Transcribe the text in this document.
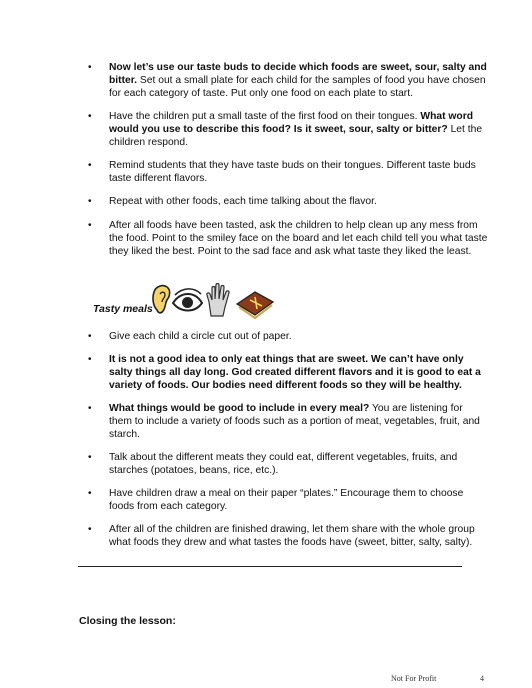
• Now let’s use our taste buds to decide which foods are sweet, sour, salty and bitter. Set out a small plate for each child for the samples of food you have chosen for each category of taste. Put only one food on each plate to start.
• Have the children put a small taste of the first food on their tongues. What word would you use to describe this food? Is it sweet, sour, salty or bitter? Let the children respond.
• Remind students that they have taste buds on their tongues. Different taste buds taste different flavors.
• Repeat with other foods, each time talking about the flavor.
• After all foods have been tasted, ask the children to help clean up any mess from the food. Point to the smiley face on the board and let each child tell you what taste they liked the best. Point to the sad face and ask what taste they liked the least.
Tasty meals
• Give each child a circle cut out of paper.
• It is not a good idea to only eat things that are sweet. We can’t have only salty things all day long. God created different flavors and it is good to eat a variety of foods. Our bodies need different foods so they will be healthy.
• What things would be good to include in every meal? You are listening for them to include a variety of foods such as a portion of meat, vegetables, fruit, and starch.
• Talk about the different meats they could eat, different vegetables, fruits, and starches (potatoes, beans, rice, etc.).
• Have children draw a meal on their paper “plates.” Encourage them to choose foods from each category.
• After all of the children are finished drawing, let them share with the whole group what foods they drew and what tastes the foods have (sweet, bitter, salty, salty).
Closing the lesson:
Not For Profit	4
